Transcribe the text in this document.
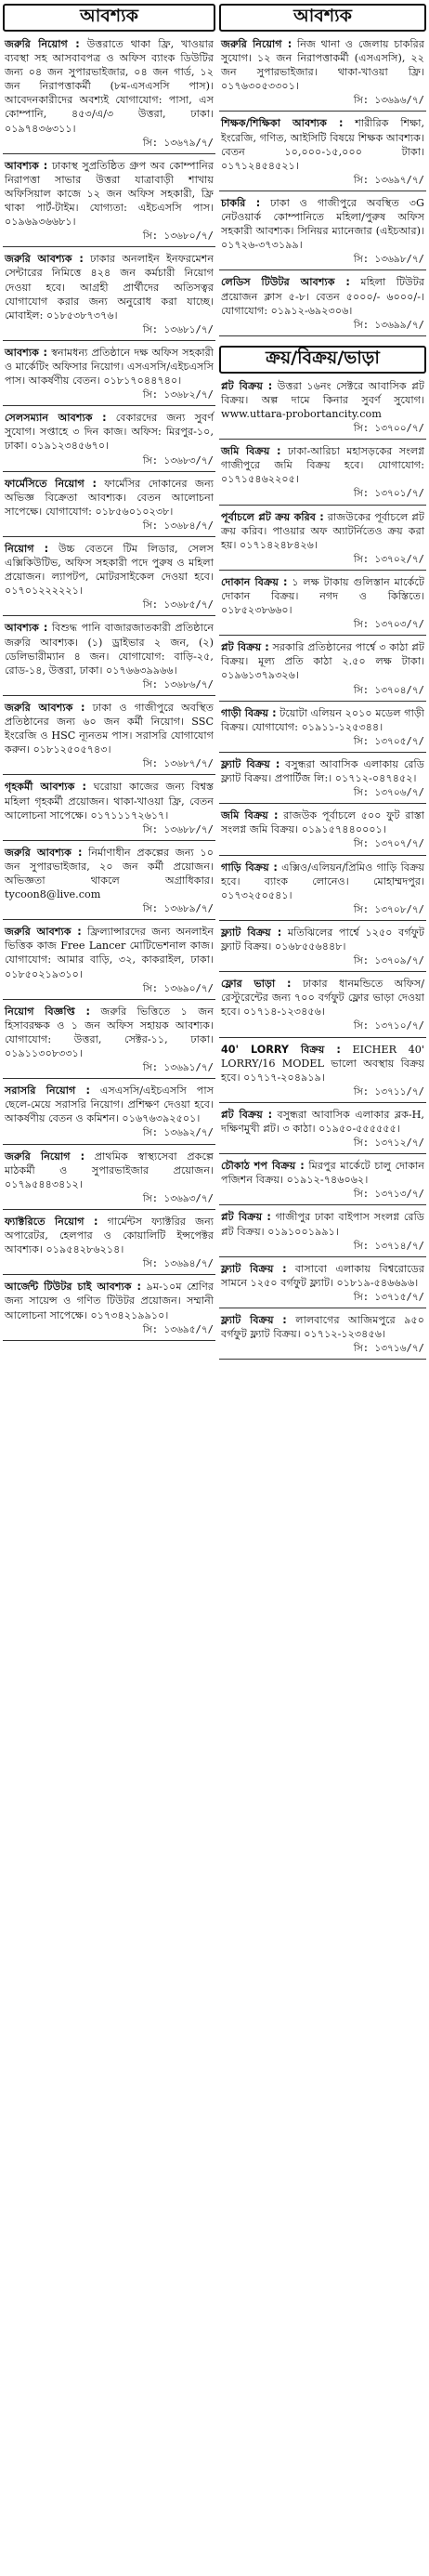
আবশ্যক
জরুরি নিয়োগ : উত্তরাতে থাকা ফ্রি, খাওয়ার ব্যবস্থা সহ আসবাবপত্র ও অফিস ব্যাংক ডিউটির জন্য ০৪ জন সুপারভাইজার, ০৪ জন গার্ড, ১২ জন নিরাপত্তাকর্মী (৮ম-এসএসসি পাস)। আবেদনকারীদের অবশ্যই যোগাযোগ: পাসা, এস কোম্পানি, ৪৫৩/এ/৩ উত্তরা, ঢাকা। ০১৯৭৪৩৬৩১১।
সি: ১৩৬৭৯/৭/
আবশ্যক : ঢাকাস্থ সুপ্রতিষ্ঠিত গ্রুপ অব কোম্পানির নিরাপত্তা সাভার উত্তরা যাত্রাবাড়ী শাখায় অফিসিয়াল কাজে ১২ জন অফিস সহকারী, ফ্রি থাকা পার্ট-টাইম। যোগ্যতা: এইচএসসি পাস। ০১৯৬৯৩৬৬৮১।
সি: ১৩৬৮০/৭/
জরুরি আবশ্যক : ঢাকার অনলাইন ইনফরমেশন সেন্টারের নিমিত্তে ৪২৪ জন কর্মচারী নিয়োগ দেওয়া হবে। আগ্রহী প্রার্থীদের অতিসত্বর যোগাযোগ করার জন্য অনুরোধ করা যাচ্ছে। মোবাইল: ০১৮৫৩৮৭৩৭৬।
সি: ১৩৬৮১/৭/
আবশ্যক : স্বনামধন্য প্রতিষ্ঠানে দক্ষ অফিস সহকারী ও মার্কেটিং অফিসার নিয়োগ। এসএসসি/এইচএসসি পাস। আকর্ষণীয় বেতন। ০১৮১৭০৪৪৭৪০।
সি: ১৩৬৮২/৭/
সেলসম্যান আবশ্যক : বেকারদের জন্য সুবর্ণ সুযোগ। সপ্তাহে ৩ দিন কাজ। অফিস: মিরপুর-১০, ঢাকা। ০১৯১২৩৪৫৬৭০।
সি: ১৩৬৮৩/৭/
ফার্মেসিতে নিয়োগ : ফার্মেসির দোকানের জন্য অভিজ্ঞ বিক্রেতা আবশ্যক। বেতন আলোচনা সাপেক্ষে। যোগাযোগ: ০১৮৫৬০১০২৩৮।
সি: ১৩৬৮৪/৭/
নিয়োগ : উচ্চ বেতনে টিম লিডার, সেলস এক্সিকিউটিভ, অফিস সহকারী পদে পুরুষ ও মহিলা প্রয়োজন। ল্যাপটপ, মোটরসাইকেল দেওয়া হবে। ০১৭০১২২২২২১।
সি: ১৩৬৮৫/৭/
আবশ্যক : বিশুদ্ধ পানি বাজারজাতকারী প্রতিষ্ঠানে জরুরি আবশ্যক। (১) ড্রাইভার ২ জন, (২) ডেলিভারীম্যান ৪ জন। যোগাযোগ: বাড়ি-২৫, রোড-১৪, উত্তরা, ঢাকা। ০১৭৬৬৩৯৯৬৬।
সি: ১৩৬৮৬/৭/
জরুরি আবশ্যক : ঢাকা ও গাজীপুরে অবস্থিত প্রতিষ্ঠানের জন্য ৬০ জন কর্মী নিয়োগ। SSC ইংরেজি ও HSC ন্যূনতম পাস। সরাসরি যোগাযোগ করুন। ০১৮১২৫০৫৭৪৩।
সি: ১৩৬৮৭/৭/
গৃহকর্মী আবশ্যক : ঘরোয়া কাজের জন্য বিশ্বস্ত মহিলা গৃহকর্মী প্রয়োজন। থাকা-খাওয়া ফ্রি, বেতন আলোচনা সাপেক্ষে। ০১৭১১১৭২৬১৭।
সি: ১৩৬৮৮/৭/
জরুরি আবশ্যক : নির্মাণাধীন প্রকল্পের জন্য ১০ জন সুপারভাইজার, ২০ জন কর্মী প্রয়োজন। অভিজ্ঞতা থাকলে অগ্রাধিকার। tycoon8@live.com
সি: ১৩৬৮৯/৭/
জরুরি আবশ্যক : ফ্রিল্যান্সারদের জন্য অনলাইন ভিত্তিক কাজ Free Lancer মোটিভেশনাল কাজ। যোগাযোগ: আমার বাড়ি, ৩২, কাকরাইল, ঢাকা। ০১৮৫০২১৯৩১০।
সি: ১৩৬৯০/৭/
নিয়োগ বিজ্ঞপ্তি : জরুরি ভিত্তিতে ১ জন হিসাবরক্ষক ও ১ জন অফিস সহায়ক আবশ্যক। যোগাযোগ: উত্তরা, সেক্টর-১১, ঢাকা। ০১৯১১৩০৮৩৩১।
সি: ১৩৬৯১/৭/
সরাসরি নিয়োগ : এসএসসি/এইচএসসি পাস ছেলে-মেয়ে সরাসরি নিয়োগ। প্রশিক্ষণ দেওয়া হবে। আকর্ষণীয় বেতন ও কমিশন। ০১৬৭৬৩৯২৫০১।
সি: ১৩৬৯২/৭/
জরুরি নিয়োগ : প্রাথমিক স্বাস্থ্যসেবা প্রকল্পে মাঠকর্মী ও সুপারভাইজার প্রয়োজন। ০১৭৯৫৪৪৩৪১২।
সি: ১৩৬৯৩/৭/
ফ্যাক্টরিতে নিয়োগ : গার্মেন্টস ফ্যাক্টরির জন্য অপারেটর, হেলপার ও কোয়ালিটি ইন্সপেক্টর আবশ্যক। ০১৯৫৪২৮৬২১৪।
সি: ১৩৬৯৪/৭/
আর্জেন্ট টিউটর চাই আবশ্যক : ৯ম-১০ম শ্রেণির জন্য সায়েন্স ও গণিত টিউটর প্রয়োজন। সম্মানী আলোচনা সাপেক্ষে। ০১৭৩৪২১৯৯১০।
সি: ১৩৬৯৫/৭/
আবশ্যক
জরুরি নিয়োগ : নিজ থানা ও জেলায় চাকরির সুযোগ। ১২ জন নিরাপত্তাকর্মী (এসএসসি), ২২ জন সুপারভাইজার। থাকা-খাওয়া ফ্রি। ০১৭৬৩০৫৩৩০১।
সি: ১৩৬৯৬/৭/
শিক্ষক/শিক্ষিকা আবশ্যক : শারীরিক শিক্ষা, ইংরেজি, গণিত, আইসিটি বিষয়ে শিক্ষক আবশ্যক। বেতন ১০,০০০-১৫,০০০ টাকা। ০১৭১২৪৫৪৫২১।
সি: ১৩৬৯৭/৭/
চাকরি : ঢাকা ও গাজীপুরে অবস্থিত ৩G নেটওয়ার্ক কোম্পানিতে মহিলা/পুরুষ অফিস সহকারী আবশ্যক। সিনিয়র ম্যানেজার (এইচআর)। ০১৭২৬-৩৭৩১৯৯।
সি: ১৩৬৯৮/৭/
লেডিস টিউটর আবশ্যক : মহিলা টিউটর প্রয়োজন ক্লাস ৫-৮। বেতন ৫০০০/- ৬০০০/-। যোগাযোগ: ০১৯১২-৬৯২৩০৬।
সি: ১৩৬৯৯/৭/
ক্রয়/বিক্রয়/ভাড়া
প্লট বিক্রয় : উত্তরা ১৬নং সেক্টরে আবাসিক প্লট বিক্রয়। অল্প দামে কিনার সুবর্ণ সুযোগ। www.uttara-probortancity.com
সি: ১৩৭০০/৭/
জমি বিক্রয় : ঢাকা-আরিচা মহাসড়কের সংলগ্ন গাজীপুরে জমি বিক্রয় হবে। যোগাযোগ: ০১৭১৫৪৬২২০৫।
সি: ১৩৭০১/৭/
পূর্বাচলে প্লট ক্রয় করিব : রাজউকের পূর্বাচলে প্লট ক্রয় করিব। পাওয়ার অফ অ্যাটর্নিতেও ক্রয় করা হয়। ০১৭১৪২৪৮৪২৬।
সি: ১৩৭০২/৭/
দোকান বিক্রয় : ১ লক্ষ টাকায় গুলিস্তান মার্কেটে দোকান বিক্রয়। নগদ ও কিস্তিতে। ০১৮৫২৩৮৬৬০।
সি: ১৩৭০৩/৭/
প্লট বিক্রয় : সরকারি প্রতিষ্ঠানের পার্শ্বে ৩ কাঠা প্লট বিক্রয়। মূল্য প্রতি কাঠা ২.৫০ লক্ষ টাকা। ০১৯৬১৩৭৯৩২৬।
সি: ১৩৭০৪/৭/
গাড়ী বিক্রয় : টয়োটা এলিয়ন ২০১০ মডেল গাড়ী বিক্রয়। যোগাযোগ: ০১৯১১-১২৫৩৪৪।
সি: ১৩৭০৫/৭/
ফ্ল্যাট বিক্রয় : বসুন্ধরা আবাসিক এলাকায় রেডি ফ্ল্যাট বিক্রয়। প্রপার্টিজ লি:। ০১৭১২-০৪৭৪৫২।
সি: ১৩৭০৬/৭/
জমি বিক্রয় : রাজউক পূর্বাচলে ৫০০ ফুট রাস্তা সংলগ্ন জমি বিক্রয়। ০১৯১৫৭৪৪০০০১।
সি: ১৩৭০৭/৭/
গাড়ি বিক্রয় : এক্সিও/এলিয়ন/প্রিমিও গাড়ি বিক্রয় হবে। ব্যাংক লোনেও। মোহাম্মদপুর। ০১৭৩২৫০৫৪১।
সি: ১৩৭০৮/৭/
ফ্ল্যাট বিক্রয় : মতিঝিলের পার্শ্বে ১২৫০ বর্গফুট ফ্ল্যাট বিক্রয়। ০১৬৮৫৫৬৪৪৮।
সি: ১৩৭০৯/৭/
ফ্লোর ভাড়া : ঢাকার ধানমন্ডিতে অফিস/রেস্টুরেন্টের জন্য ৭০০ বর্গফুট ফ্লোর ভাড়া দেওয়া হবে। ০১৭১৪-১২৩৪৫৬।
সি: ১৩৭১০/৭/
40' LORRY বিক্রয় : EICHER 40' LORRY/16 MODEL ভালো অবস্থায় বিক্রয় হবে। ০১৭১৭-২০৪৯১৯।
সি: ১৩৭১১/৭/
প্লট বিক্রয় : বসুন্ধরা আবাসিক এলাকার ব্লক-H, দক্ষিণমুখী প্লট। ৩ কাঠা। ০১৯৫০-৫৫৫৫৫৫।
সি: ১৩৭১২/৭/
চৌকাঠ শপ বিক্রয় : মিরপুর মার্কেটে চালু দোকান পজিশন বিক্রয়। ০১৯১২-৭৪৬০৬২।
সি: ১৩৭১৩/৭/
প্লট বিক্রয় : গাজীপুর ঢাকা বাইপাস সংলগ্ন রেডি প্লট বিক্রয়। ০১৯১০০১৯৯১।
সি: ১৩৭১৪/৭/
ফ্ল্যাট বিক্রয় : বাসাবো এলাকায় বিশ্বরোডের সামনে ১২৫০ বর্গফুট ফ্ল্যাট। ০১৮১৯-৫৪৬৬৯৬।
সি: ১৩৭১৫/৭/
ফ্ল্যাট বিক্রয় : লালবাগের আজিমপুরে ৯৫০ বর্গফুট ফ্ল্যাট বিক্রয়। ০১৭১২-১২৩৪৫৬।
সি: ১৩৭১৬/৭/
